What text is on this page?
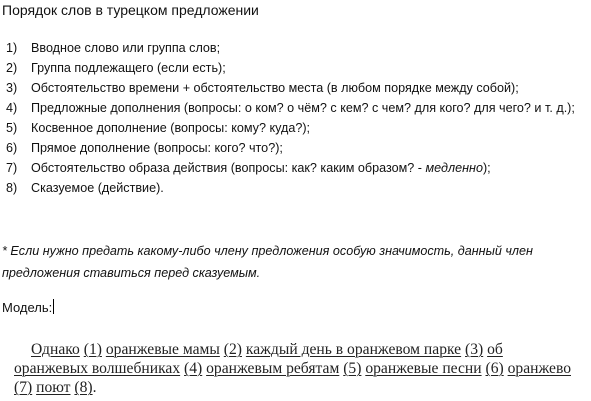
Порядок слов в турецком предложении
1) Вводное слово или группа слов;
2) Группа подлежащего (если есть);
3) Обстоятельство времени + обстоятельство места (в любом порядке между собой);
4) Предложные дополнения (вопросы: о ком? о чём? с кем? с чем? для кого? для чего? и т. д.);
5) Косвенное дополнение (вопросы: кому? куда?);
6) Прямое дополнение (вопросы: кого? что?);
7) Обстоятельство образа действия (вопросы: как? каким образом? - медленно);
8) Сказуемое (действие).
* Если нужно предать какому-либо члену предложения особую значимость, данный член предложения ставиться перед сказуемым.
Модель:
Однако (1) оранжевые мамы (2) каждый день в оранжевом парке (3) об оранжевых волшебниках (4) оранжевым ребятам (5) оранжевые песни (6) оранжево (7) поют (8).
